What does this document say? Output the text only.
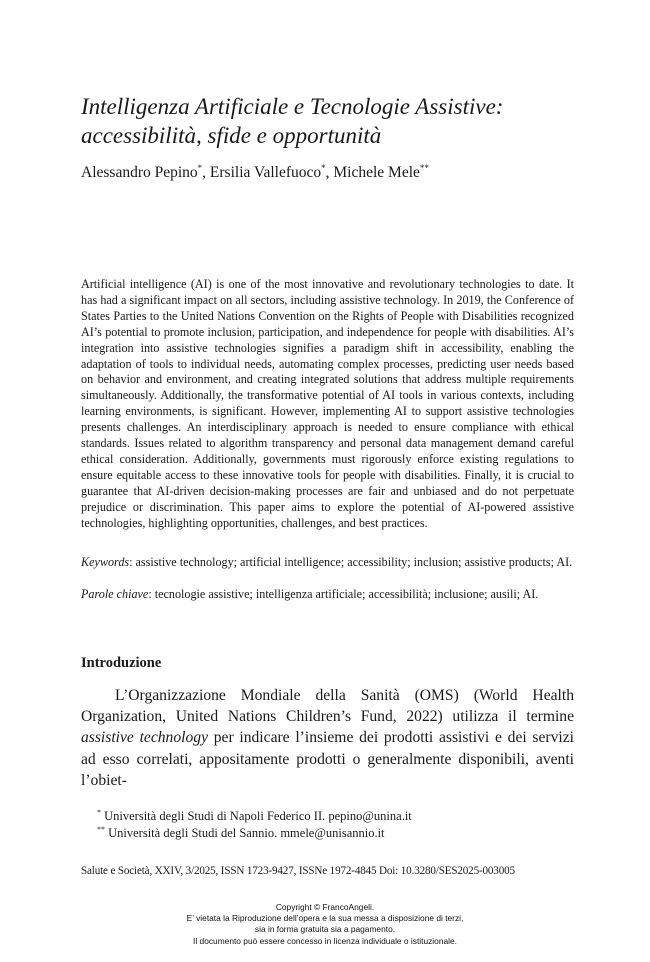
Intelligenza Artificiale e Tecnologie Assistive:
accessibilità, sfide e opportunità
Alessandro Pepino*, Ersilia Vallefuoco*, Michele Mele**

Artificial intelligence (AI) is one of the most innovative and revolutionary technologies to date. It has had a significant impact on all sectors, including assistive technology. In 2019, the Conference of States Parties to the United Nations Convention on the Rights of People with Disabilities recognized AI’s potential to promote inclusion, participation, and independence for people with disabilities. AI’s integration into assistive technologies signifies a paradigm shift in accessibility, enabling the adaptation of tools to individual needs, automating complex processes, predicting user needs based on behavior and environment, and creating integrated solutions that address multiple requirements simultaneously. Additionally, the transformative potential of AI tools in various contexts, including learning environments, is significant. However, implementing AI to support assistive technologies presents challenges. An interdisciplinary approach is needed to ensure compliance with ethical standards. Issues related to algorithm transparency and personal data management demand careful ethical consideration. Additionally, governments must rigorously enforce existing regulations to ensure equitable access to these innovative tools for people with disabilities. Finally, it is crucial to guarantee that AI-driven decision-making processes are fair and unbiased and do not perpetuate prejudice or discrimination. This paper aims to explore the potential of AI-powered assistive technologies, highlighting opportunities, challenges, and best practices.

Keywords: assistive technology; artificial intelligence; accessibility; inclusion; assistive products; AI.

Parole chiave: tecnologie assistive; intelligenza artificiale; accessibilità; inclusione; ausili; AI.

Introduzione

L’Organizzazione Mondiale della Sanità (OMS) (World Health Organization, United Nations Children’s Fund, 2022) utilizza il termine assistive technology per indicare l’insieme dei prodotti assistivi e dei servizi ad esso correlati, appositamente prodotti o generalmente disponibili, aventi l’obiet-

* Università degli Studi di Napoli Federico II. pepino@unina.it
** Università degli Studi del Sannio. mmele@unisannio.it
Salute e Società, XXIV, 3/2025, ISSN 1723-9427, ISSNe 1972-4845 Doi: 10.3280/SES2025-003005
Copyright © FrancoAngeli.
E’ vietata la Riproduzione dell’opera e la sua messa a disposizione di terzi,
sia in forma gratuita sia a pagamento.
Il documento può essere concesso in licenza individuale o istituzionale.
